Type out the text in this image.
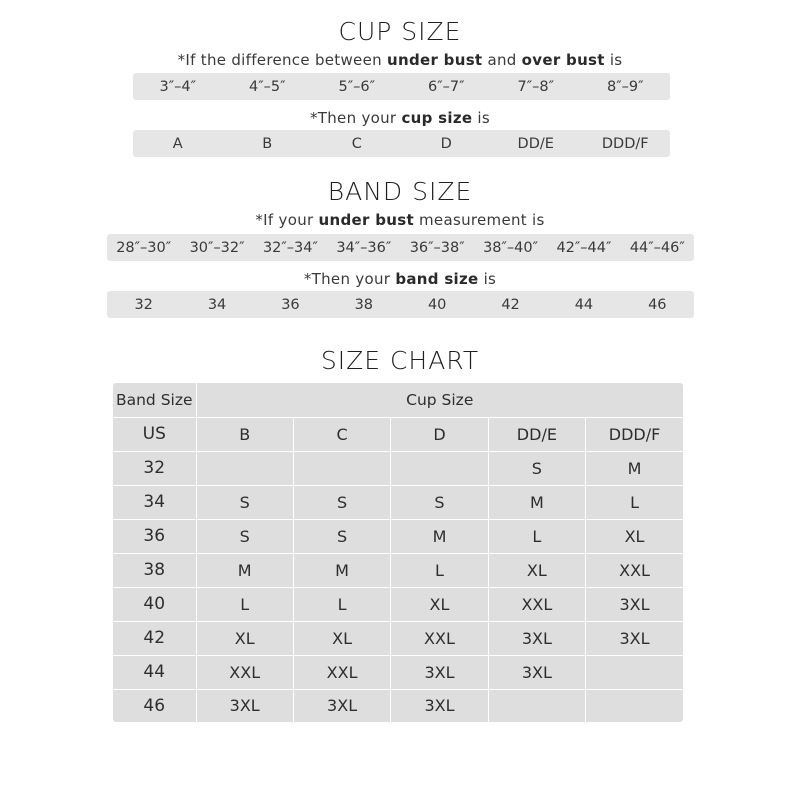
CUP SIZE
*If the difference between under bust and over bust is
3″–4″	4″–5″	5″–6″	6″–7″	7″–8″	8″–9″
*Then your cup size is
A	B	C	D	DD/E	DDD/F
BAND SIZE
*If your under bust measurement is
28″–30″	30″–32″	32″–34″	34″–36″	36″–38″	38″–40″	42″–44″	44″–46″
*Then your band size is
32	34	36	38	40	42	44	46
SIZE CHART
Band Size	Cup Size				
US	B	C	D	DD/E	DDD/F
32				S	M
34	S	S	S	M	L
36	S	S	M	L	XL
38	M	M	L	XL	XXL
40	L	L	XL	XXL	3XL
42	XL	XL	XXL	3XL	3XL
44	XXL	XXL	3XL	3XL	
46	3XL	3XL	3XL		
